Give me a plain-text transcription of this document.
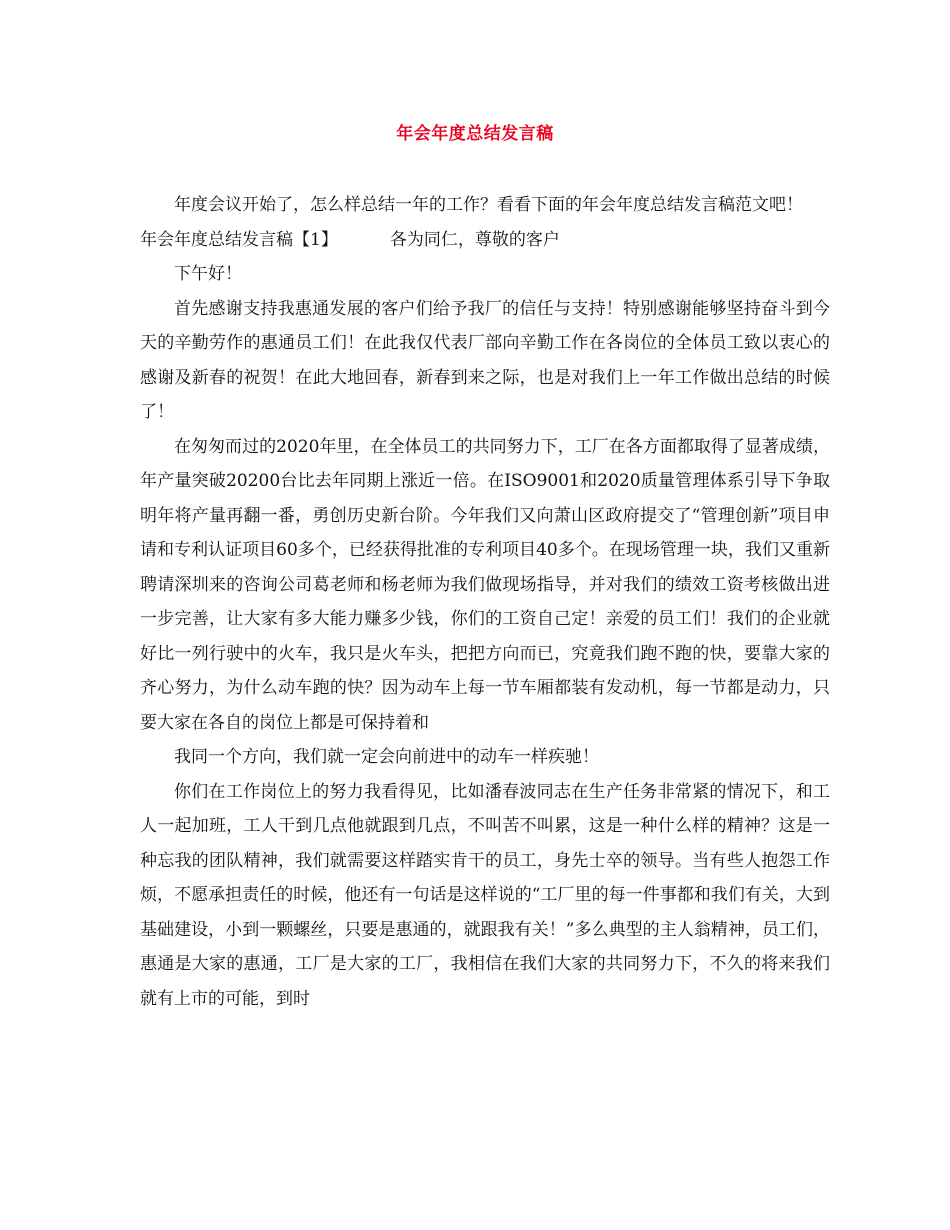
年会年度总结发言稿

年度会议开始了，怎么样总结一年的工作？看看下面的年会年度总结发言稿范文吧！

年会年度总结发言稿【1】	各为同仁，尊敬的客户

下午好！

首先感谢支持我惠通发展的客户们给予我厂的信任与支持！特别感谢能够坚持奋斗到今天的辛勤劳作的惠通员工们！在此我仅代表厂部向辛勤工作在各岗位的全体员工致以衷心的感谢及新春的祝贺！在此大地回春，新春到来之际，也是对我们上一年工作做出总结的时候了！

在匆匆而过的2020年里，在全体员工的共同努力下，工厂在各方面都取得了显著成绩，年产量突破20200台比去年同期上涨近一倍。在ISO9001和2020质量管理体系引导下争取明年将产量再翻一番，勇创历史新台阶。今年我们又向萧山区政府提交了“管理创新”项目申请和专利认证项目60多个，已经获得批准的专利项目40多个。在现场管理一块，我们又重新聘请深圳来的咨询公司葛老师和杨老师为我们做现场指导，并对我们的绩效工资考核做出进一步完善，让大家有多大能力赚多少钱，你们的工资自己定！亲爱的员工们！我们的企业就好比一列行驶中的火车，我只是火车头，把把方向而已，究竟我们跑不跑的快，要靠大家的齐心努力，为什么动车跑的快？因为动车上每一节车厢都装有发动机，每一节都是动力，只要大家在各自的岗位上都是可保持着和

我同一个方向，我们就一定会向前进中的动车一样疾驰！

你们在工作岗位上的努力我看得见，比如潘春波同志在生产任务非常紧的情况下，和工人一起加班，工人干到几点他就跟到几点，不叫苦不叫累，这是一种什么样的精神？这是一种忘我的团队精神，我们就需要这样踏实肯干的员工，身先士卒的领导。当有些人抱怨工作烦，不愿承担责任的时候，他还有一句话是这样说的“工厂里的每一件事都和我们有关，大到基础建设，小到一颗螺丝，只要是惠通的，就跟我有关！”多么典型的主人翁精神，员工们，惠通是大家的惠通，工厂是大家的工厂，我相信在我们大家的共同努力下，不久的将来我们就有上市的可能，到时
